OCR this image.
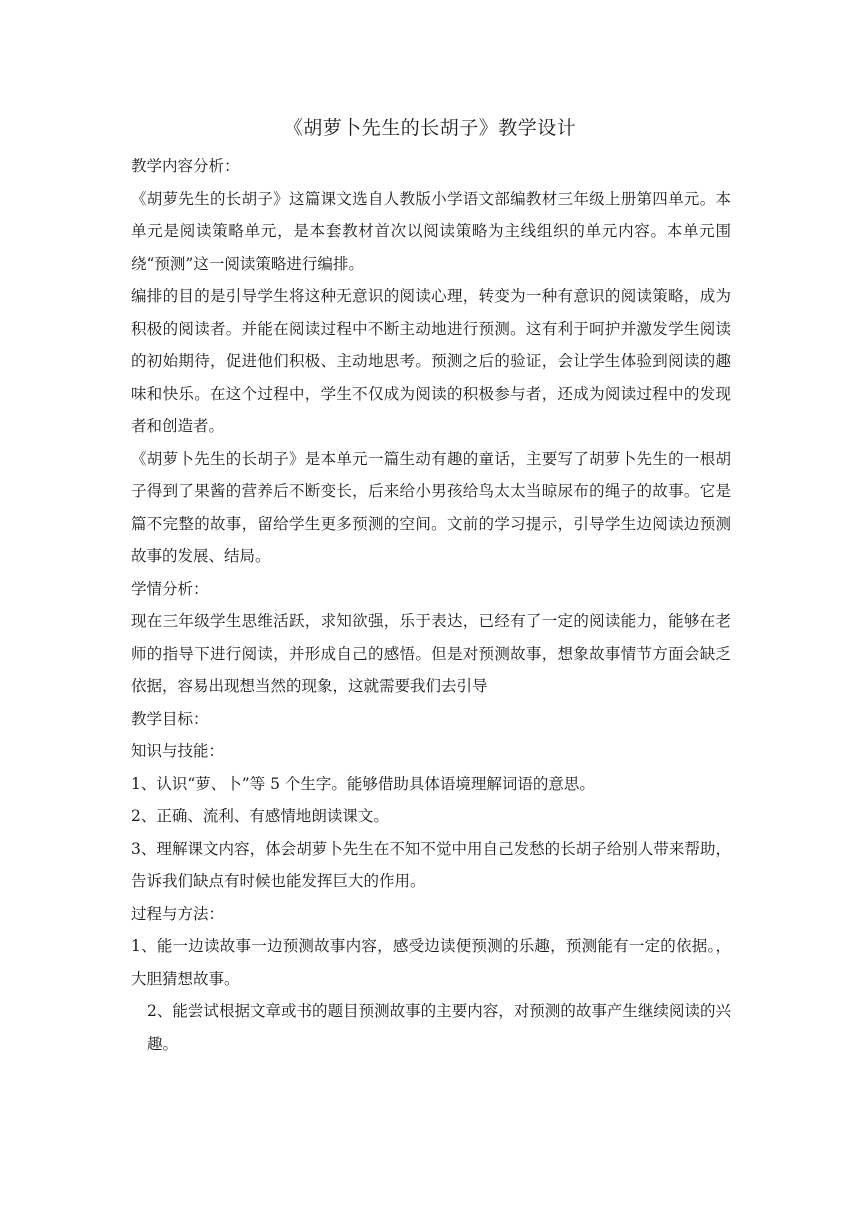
《胡萝卜先生的长胡子》教学设计

教学内容分析：

《胡萝先生的长胡子》这篇课文选自人教版小学语文部编教材三年级上册第四单元。本单元是阅读策略单元，是本套教材首次以阅读策略为主线组织的单元内容。本单元围绕“预测”这一阅读策略进行编排。

编排的目的是引导学生将这种无意识的阅读心理，转变为一种有意识的阅读策略，成为积极的阅读者。并能在阅读过程中不断主动地进行预测。这有利于呵护并激发学生阅读的初始期待，促进他们积极、主动地思考。预测之后的验证，会让学生体验到阅读的趣味和快乐。在这个过程中，学生不仅成为阅读的积极参与者，还成为阅读过程中的发现者和创造者。

《胡萝卜先生的长胡子》是本单元一篇生动有趣的童话，主要写了胡萝卜先生的一根胡子得到了果酱的营养后不断变长，后来给小男孩给鸟太太当晾尿布的绳子的故事。它是篇不完整的故事，留给学生更多预测的空间。文前的学习提示，引导学生边阅读边预测故事的发展、结局。

学情分析：

现在三年级学生思维活跃，求知欲强，乐于表达，已经有了一定的阅读能力，能够在老师的指导下进行阅读，并形成自己的感悟。但是对预测故事，想象故事情节方面会缺乏依据，容易出现想当然的现象，这就需要我们去引导

教学目标：

知识与技能：

1、认识“萝、卜”等 5 个生字。能够借助具体语境理解词语的意思。

2、正确、流利、有感情地朗读课文。

3、理解课文内容，体会胡萝卜先生在不知不觉中用自己发愁的长胡子给别人带来帮助，告诉我们缺点有时候也能发挥巨大的作用。

过程与方法：

1、能一边读故事一边预测故事内容，感受边读便预测的乐趣，预测能有一定的依据。，大胆猜想故事。

2、能尝试根据文章或书的题目预测故事的主要内容，对预测的故事产生继续阅读的兴趣。
